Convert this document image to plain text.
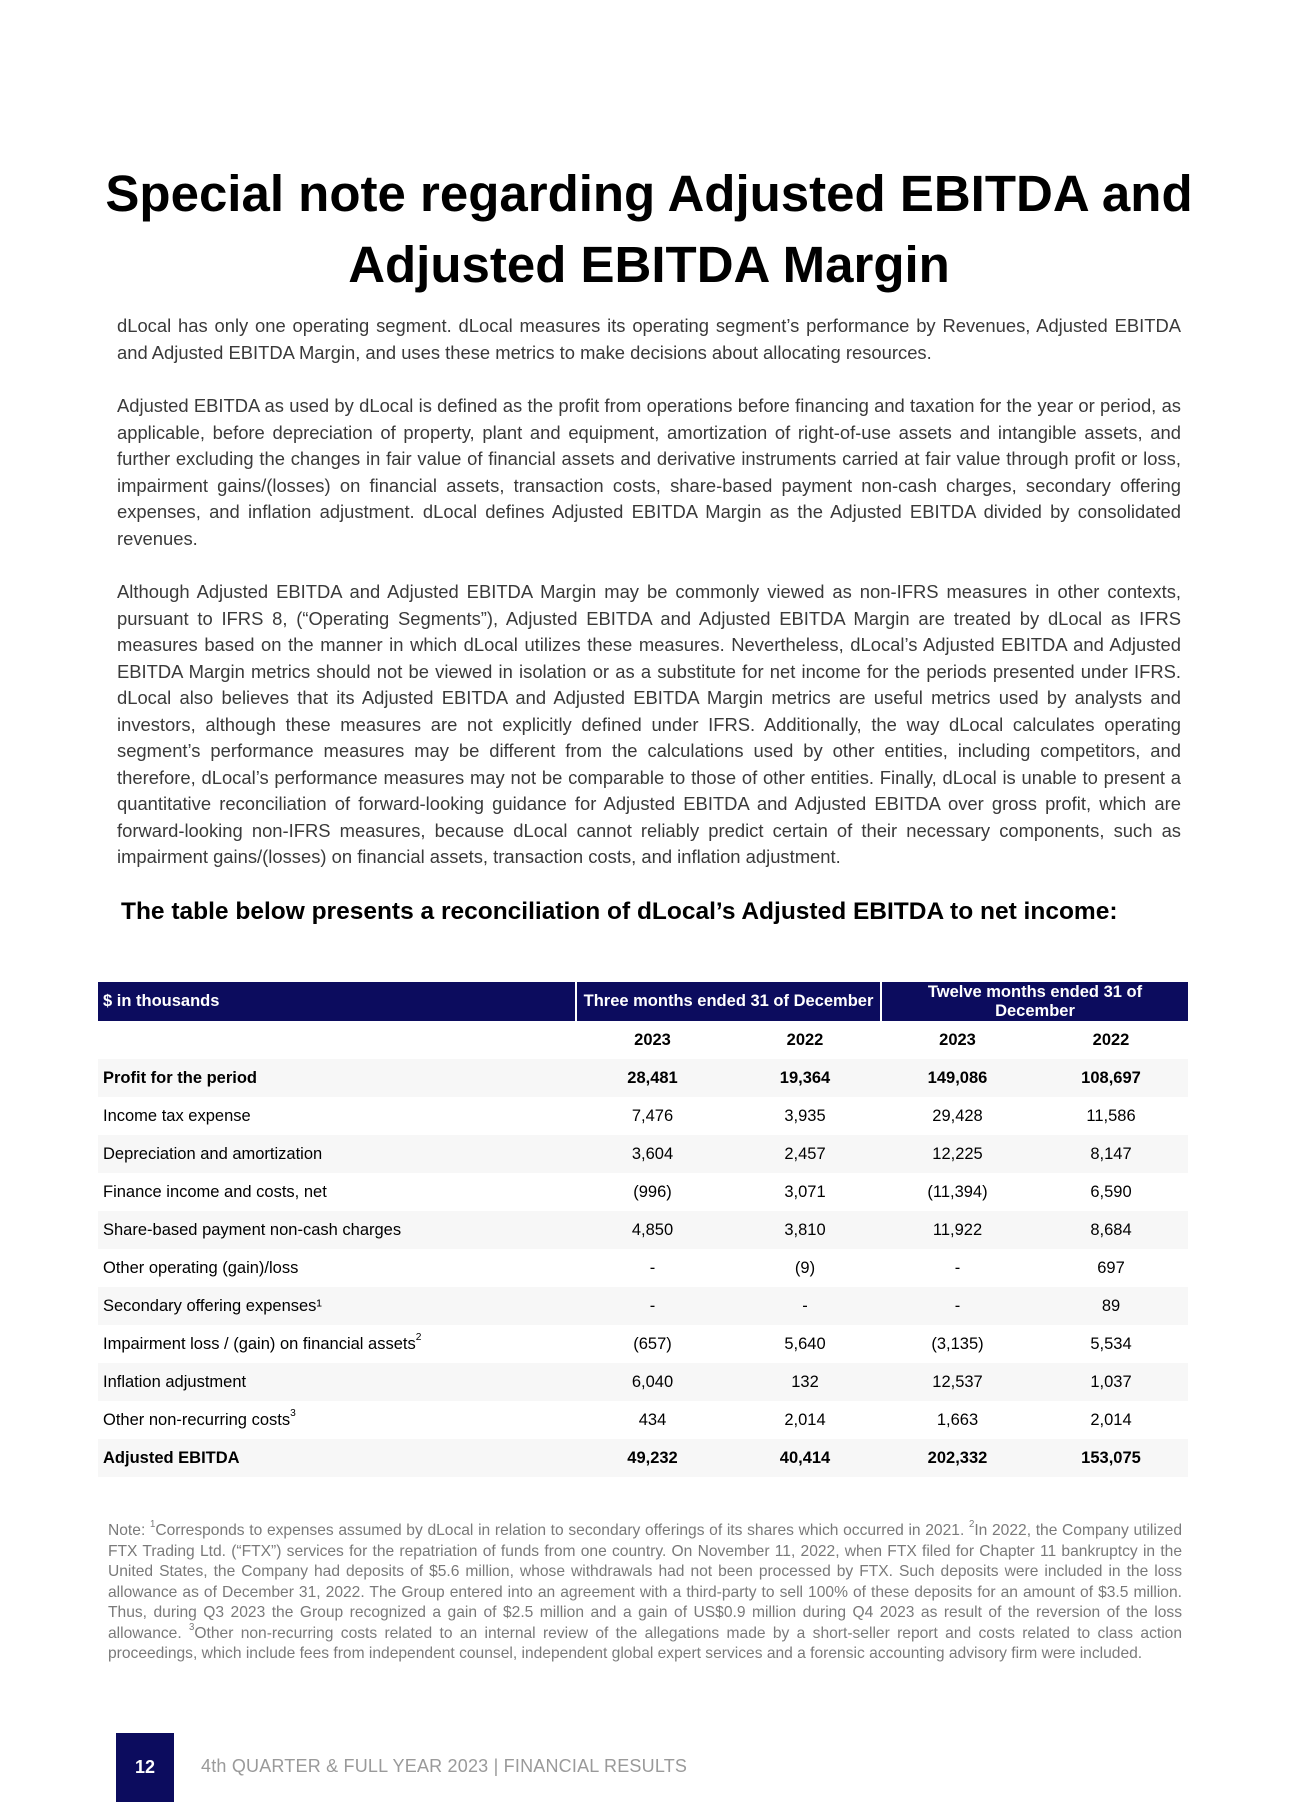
Special note regarding Adjusted EBITDA and
Adjusted EBITDA Margin

dLocal has only one operating segment. dLocal measures its operating segment’s performance by Revenues, Adjusted EBITDA and Adjusted EBITDA Margin, and uses these metrics to make decisions about allocating resources.

Adjusted EBITDA as used by dLocal is defined as the profit from operations before financing and taxation for the year or period, as applicable, before depreciation of property, plant and equipment, amortization of right-of-use assets and intangible assets, and further excluding the changes in fair value of financial assets and derivative instruments carried at fair value through profit or loss, impairment gains/(losses) on financial assets, transaction costs, share-based payment non-cash charges, secondary offering expenses, and inflation adjustment. dLocal defines Adjusted EBITDA Margin as the Adjusted EBITDA divided by consolidated revenues.

Although Adjusted EBITDA and Adjusted EBITDA Margin may be commonly viewed as non-IFRS measures in other contexts, pursuant to IFRS 8, (“Operating Segments”), Adjusted EBITDA and Adjusted EBITDA Margin are treated by dLocal as IFRS measures based on the manner in which dLocal utilizes these measures. Nevertheless, dLocal’s Adjusted EBITDA and Adjusted EBITDA Margin metrics should not be viewed in isolation or as a substitute for net income for the periods presented under IFRS. dLocal also believes that its Adjusted EBITDA and Adjusted EBITDA Margin metrics are useful metrics used by analysts and investors, although these measures are not explicitly defined under IFRS. Additionally, the way dLocal calculates operating segment’s performance measures may be different from the calculations used by other entities, including competitors, and therefore, dLocal’s performance measures may not be comparable to those of other entities. Finally, dLocal is unable to present a quantitative reconciliation of forward-looking guidance for Adjusted EBITDA and Adjusted EBITDA over gross profit, which are forward-looking non-IFRS measures, because dLocal cannot reliably predict certain of their necessary components, such as impairment gains/(losses) on financial assets, transaction costs, and inflation adjustment.

The table below presents a reconciliation of dLocal’s Adjusted EBITDA to net income:
$ in thousands	Three months ended 31 of December		Twelve months ended 31 of December	
	2023	2022	2023	2022
Profit for the period	28,481	19,364	149,086	108,697
Income tax expense	7,476	3,935	29,428	11,586
Depreciation and amortization	3,604	2,457	12,225	8,147
Finance income and costs, net	(996)	3,071	(11,394)	6,590
Share-based payment non-cash charges	4,850	3,810	11,922	8,684
Other operating (gain)/loss	-	(9)	-	697
Secondary offering expenses¹	-	-	-	89
Impairment loss / (gain) on financial assets$^2$	(657)	5,640	(3,135)	5,534
Inflation adjustment	6,040	132	12,537	1,037
Other non-recurring costs$^3$	434	2,014	1,663	2,014
Adjusted EBITDA	49,232	40,414	202,332	153,075

Note: $^1$Corresponds to expenses assumed by dLocal in relation to secondary offerings of its shares which occurred in 2021. $^2$In 2022, the Company utilized FTX Trading Ltd. (“FTX”) services for the repatriation of funds from one country. On November 11, 2022, when FTX filed for Chapter 11 bankruptcy in the United States, the Company had deposits of $5.6 million, whose withdrawals had not been processed by FTX. Such deposits were included in the loss allowance as of December 31, 2022. The Group entered into an agreement with a third-party to sell 100% of these deposits for an amount of $3.5 million. Thus, during Q3 2023 the Group recognized a gain of $2.5 million and a gain of US$0.9 million during Q4 2023 as result of the reversion of the loss allowance. $^3$Other non-recurring costs related to an internal review of the allegations made by a short-seller report and costs related to class action proceedings, which include fees from independent counsel, independent global expert services and a forensic accounting advisory firm were included.

12	4th QUARTER & FULL YEAR 2023 | FINANCIAL RESULTS
